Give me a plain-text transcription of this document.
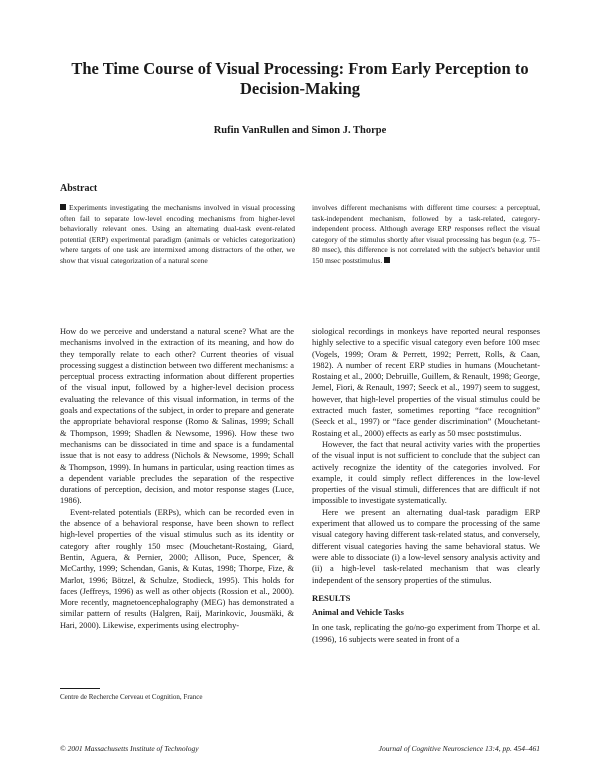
The Time Course of Visual Processing: From Early Perception to Decision-Making

Rufin VanRullen and Simon J. Thorpe

Abstract

Experiments investigating the mechanisms involved in visual processing often fail to separate low-level encoding mechanisms from higher-level behaviorally relevant ones. Using an alternating dual-task event-related potential (ERP) experimental paradigm (animals or vehicles categorization) where targets of one task are intermixed among distractors of the other, we show that visual categorization of a natural scene

involves different mechanisms with different time courses: a perceptual, task-independent mechanism, followed by a task-related, category-independent process. Although average ERP responses reflect the visual category of the stimulus shortly after visual processing has begun (e.g. 75–80 msec), this difference is not correlated with the subject's behavior until 150 msec poststimulus.

How do we perceive and understand a natural scene? What are the mechanisms involved in the extraction of its meaning, and how do they temporally relate to each other? Current theories of visual processing suggest a distinction between two different mechanisms: a perceptual process extracting information about different properties of the visual input, followed by a higher-level decision process evaluating the relevance of this visual information, in terms of the goals and expectations of the subject, in order to prepare and generate the appropriate behavioral response (Romo & Salinas, 1999; Schall & Thompson, 1999; Shadlen & Newsome, 1996). How these two mechanisms can be dissociated in time and space is a fundamental issue that is not easy to address (Nichols & Newsome, 1999; Schall & Thompson, 1999). In humans in particular, using reaction times as a dependent variable precludes the separation of the respective durations of perception, decision, and motor response stages (Luce, 1986).

Event-related potentials (ERPs), which can be recorded even in the absence of a behavioral response, have been shown to reflect high-level properties of the visual stimulus such as its identity or category after roughly 150 msec (Mouchetant-Rostaing, Giard, Bentin, Aguera, & Pernier, 2000; Allison, Puce, Spencer, & McCarthy, 1999; Schendan, Ganis, & Kutas, 1998; Thorpe, Fize, & Marlot, 1996; Bötzel, & Schulze, Stodieck, 1995). This holds for faces (Jeffreys, 1996) as well as other objects (Rossion et al., 2000). More recently, magnetoencephalography (MEG) has demonstrated a similar pattern of results (Halgren, Raij, Marinkovic, Jousmäki, & Hari, 2000). Likewise, experiments using electrophy-

siological recordings in monkeys have reported neural responses highly selective to a specific visual category even before 100 msec (Vogels, 1999; Oram & Perrett, 1992; Perrett, Rolls, & Caan, 1982). A number of recent ERP studies in humans (Mouchetant-Rostaing et al., 2000; Debruille, Guillem, & Renault, 1998; George, Jemel, Fiori, & Renault, 1997; Seeck et al., 1997) seem to suggest, however, that high-level properties of the visual stimulus could be extracted much faster, sometimes reporting “face recognition” (Seeck et al., 1997) or “face gender discrimination” (Mouchetant-Rostaing et al., 2000) effects as early as 50 msec poststimulus.

However, the fact that neural activity varies with the properties of the visual input is not sufficient to conclude that the subject can actively recognize the identity of the categories involved. For example, it could simply reflect differences in the low-level properties of the visual stimuli, differences that are difficult if not impossible to investigate systematically.

Here we present an alternating dual-task paradigm ERP experiment that allowed us to compare the processing of the same visual category having different task-related status, and conversely, different visual categories having the same behavioral status. We were able to dissociate (i) a low-level sensory analysis activity and (ii) a high-level task-related mechanism that was clearly independent of the sensory properties of the stimulus.

RESULTS
Animal and Vehicle Tasks

In one task, replicating the go/no-go experiment from Thorpe et al. (1996), 16 subjects were seated in front of a

Centre de Recherche Cerveau et Cognition, France

© 2001 Massachusetts Institute of Technology	Journal of Cognitive Neuroscience 13:4, pp. 454–461
